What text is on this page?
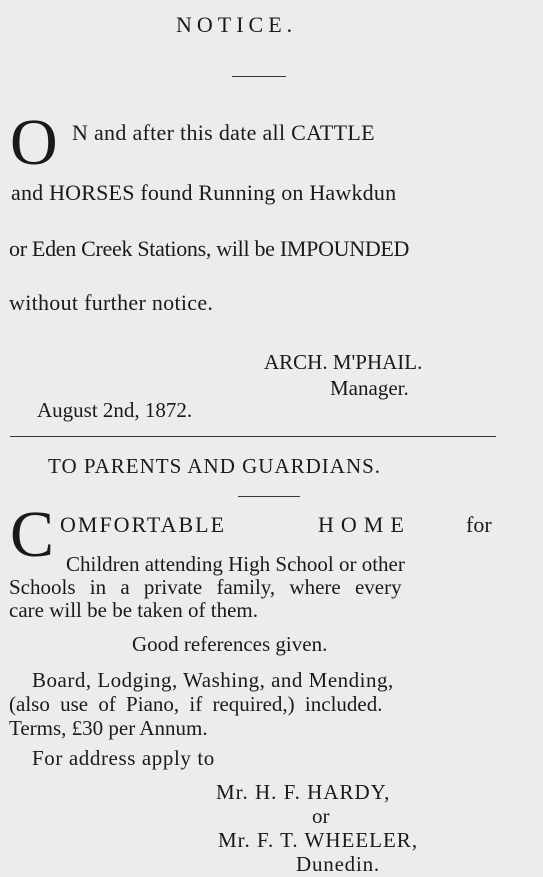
NOTICE.
O N and after this date all CATTLE
and HORSES found Running on Hawkdun
or Eden Creek Stations, will be IMPOUNDED
without further notice.
ARCH. M'PHAIL.
Manager.
August 2nd, 1872.
TO PARENTS AND GUARDIANS.
C OMFORTABLE	HOME	for
Children attending High School or other
Schools in a private family, where every
care will be be taken of them.
Good references given.
Board, Lodging, Washing, and Mending,
(also use of Piano, if required,) included.
Terms, £30 per Annum.
For address apply to
Mr. H. F. HARDY,
or
Mr. F. T. WHEELER,
Dunedin.
